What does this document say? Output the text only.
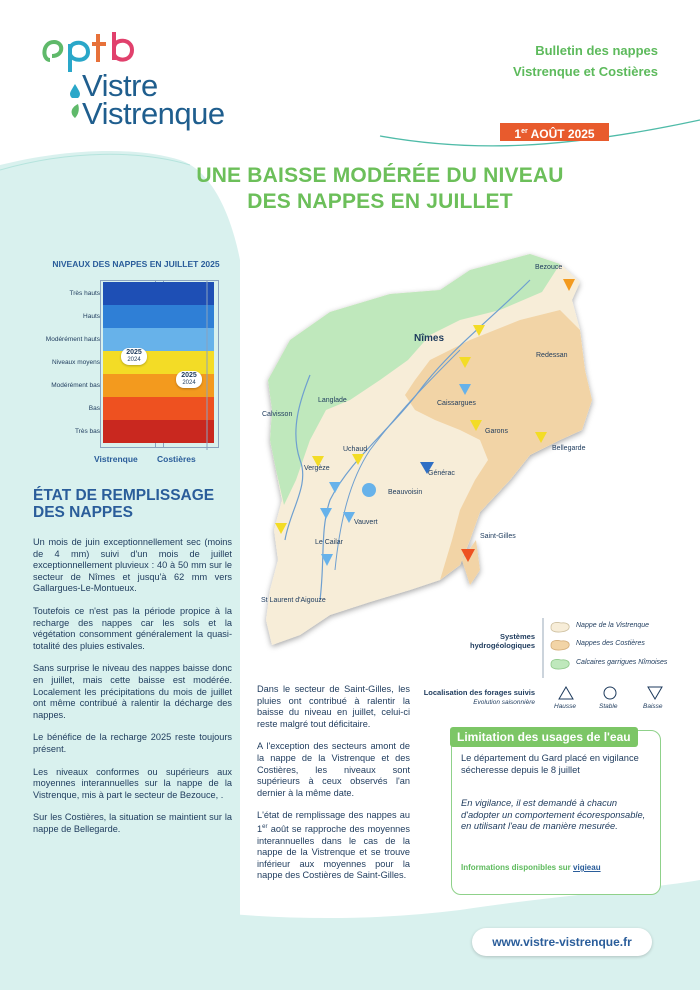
Vistre
Vistrenque
Bulletin des nappes
Vistrenque et Costières
1er AOÛT 2025
UNE BAISSE MODÉRÉE DU NIVEAU
DES NAPPES EN JUILLET
NIVEAUX DES NAPPES EN JUILLET 2025
Très hauts
Hauts
Modérément hauts
Niveaux moyens
Modérément bas
Bas
Très bas
2025
2024
2025
2024
Vistrenque Costières
ÉTAT DE REMPLISSAGE
DES NAPPES

Un mois de juin exceptionnellement sec (moins de 4 mm) suivi d'un mois de juillet exceptionnellement pluvieux : 40 à 50 mm sur le secteur de Nîmes et jusqu'à 62 mm vers Gallargues-Le-Montueux.

Toutefois ce n'est pas la période propice à la recharge des nappes car les sols et la végétation consomment généralement la quasi-totalité des pluies estivales.

Sans surprise le niveau des nappes baisse donc en juillet, mais cette baisse est modérée. Localement les précipitations du mois de juillet ont même contribué à ralentir la décharge des nappes.

Le bénéfice de la recharge 2025 reste toujours présent.

Les niveaux conformes ou supérieurs aux moyennes interannuelles sur la nappe de la Vistrenque, mis à part le secteur de Bezouce, .

Sur les Costières, la situation se maintient sur la nappe de Bellegarde.

Dans le secteur de Saint-Gilles, les pluies ont contribué à ralentir la baisse du niveau en juillet, celui-ci reste malgré tout déficitaire.

A l'exception des secteurs amont de la nappe de la Vistrenque et des Costières, les niveaux sont supérieurs à ceux observés l'an dernier à la même date.

L'état de remplissage des nappes au 1er août se rapproche des moyennes interannuelles dans le cas de la nappe de la Vistrenque et se trouve inférieur aux moyennes pour la nappe des Costières de Saint-Gilles.

Nîmes
Bezouce
Redessan
Caissargues
Langlade
Calvisson
Garons
Bellegarde
Uchaud
Vergèze
Générac
Beauvoisin
Vauvert
Le Cailar
Saint-Gilles
St Laurent d'Aigouze
Systèmes
hydrogéologiques
Nappe de la Vistrenque
Nappes des Costières
Calcaires garrigues Nîmoises
Localisation des forages suivis
Evolution saisonnière
Hausse	Stable	Baisse
Limitation des usages de l'eau
Le département du Gard placé en vigilance sécheresse depuis le 8 juillet
En vigilance, il est demandé à chacun d'adopter un comportement écoresponsable, en utilisant l'eau de manière mesurée.
Informations disponibles sur vigieau
www.vistre-vistrenque.fr
